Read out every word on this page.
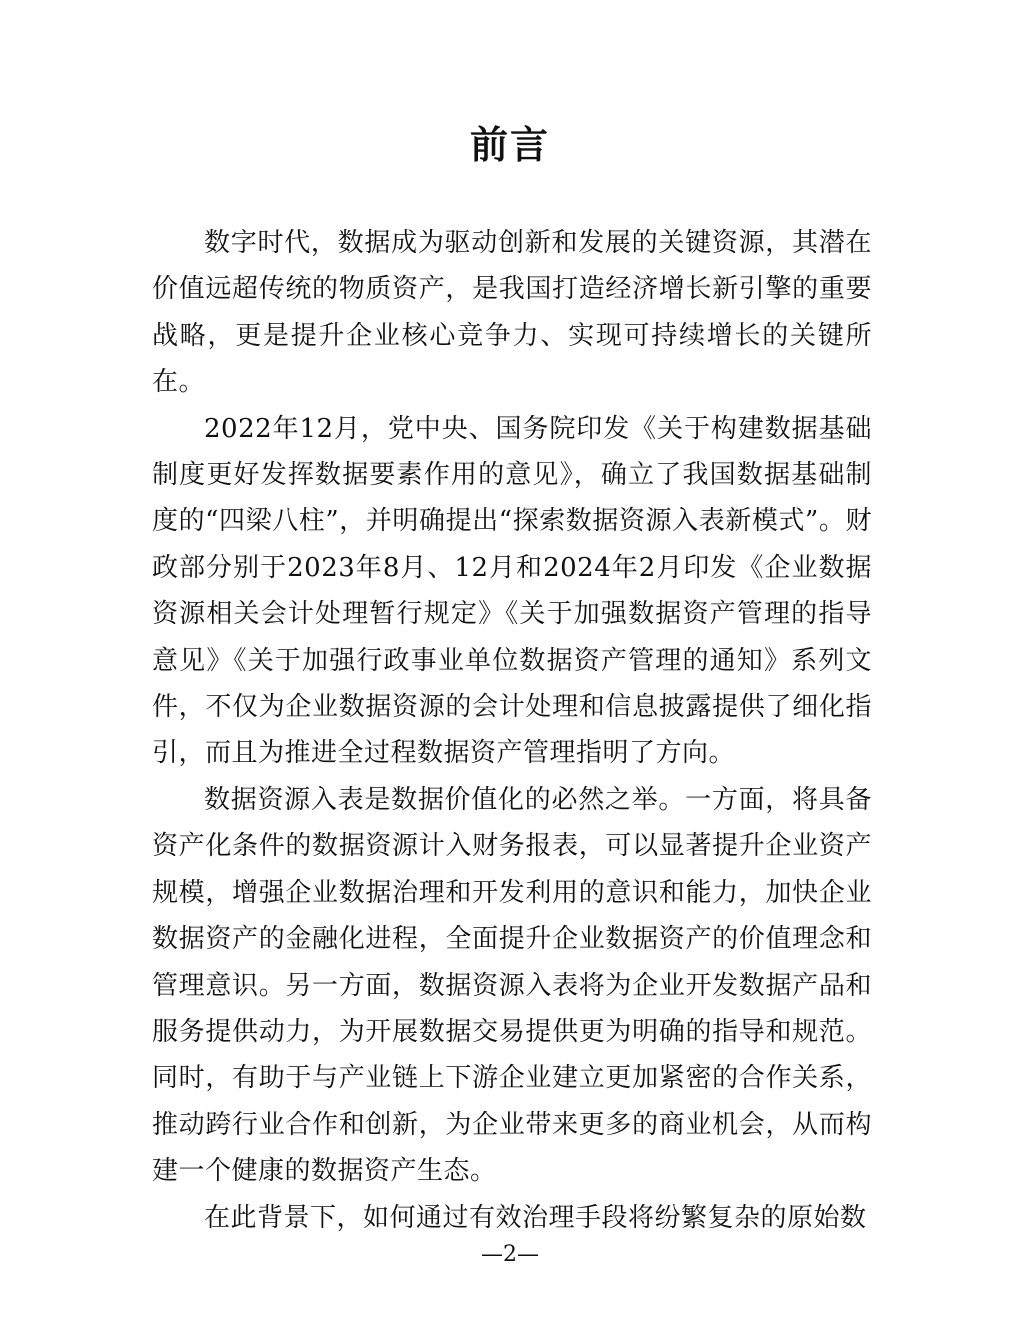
前言

数字时代，数据成为驱动创新和发展的关键资源，其潜在价值远超传统的物质资产，是我国打造经济增长新引擎的重要战略，更是提升企业核心竞争力、实现可持续增长的关键所在。

2022年12月，党中央、国务院印发《关于构建数据基础制度更好发挥数据要素作用的意见》，确立了我国数据基础制度的“四梁八柱”，并明确提出“探索数据资源入表新模式”。财政部分别于2023年8月、12月和2024年2月印发《企业数据资源相关会计处理暂行规定》《关于加强数据资产管理的指导意见》《关于加强行政事业单位数据资产管理的通知》系列文件，不仅为企业数据资源的会计处理和信息披露提供了细化指引，而且为推进全过程数据资产管理指明了方向。

数据资源入表是数据价值化的必然之举。一方面，将具备资产化条件的数据资源计入财务报表，可以显著提升企业资产规模，增强企业数据治理和开发利用的意识和能力，加快企业数据资产的金融化进程，全面提升企业数据资产的价值理念和管理意识。另一方面，数据资源入表将为企业开发数据产品和服务提供动力，为开展数据交易提供更为明确的指导和规范。同时，有助于与产业链上下游企业建立更加紧密的合作关系，推动跨行业合作和创新，为企业带来更多的商业机会，从而构建一个健康的数据资产生态。

在此背景下，如何通过有效治理手段将纷繁复杂的原始数

—2—
